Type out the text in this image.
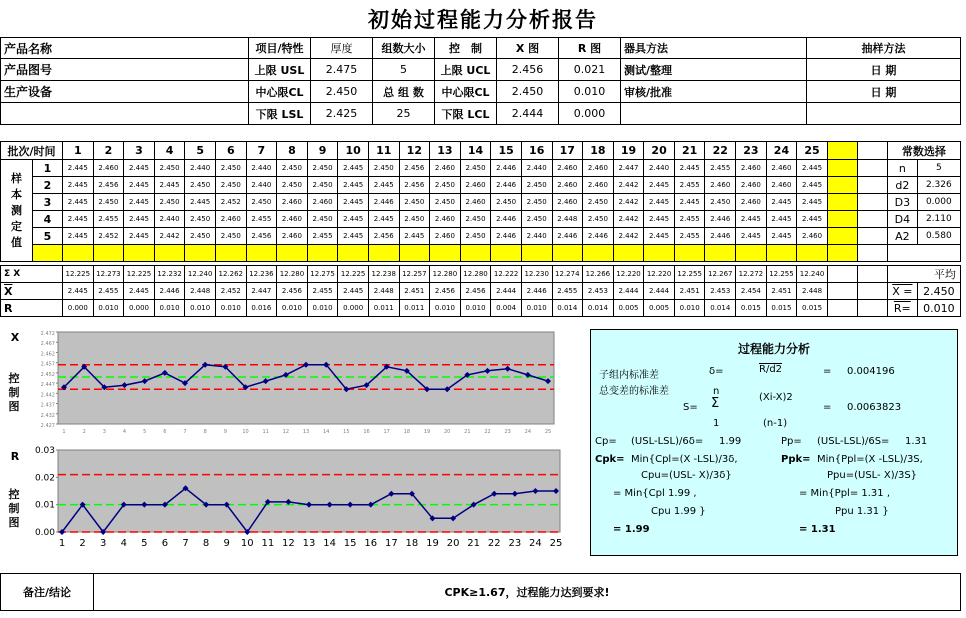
初始过程能力分析报告
产品名称	项目/特性	厚度	组数大小	控　制	X 图	R 图	器具方法	抽样方法
产品图号	上限 USL	2.475	5	上限 UCL	2.456	0.021	测试/整理	日 期
生产设备	中心限CL	2.450	总 组 数	中心限CL	2.450	0.010	审核/批准	日 期
	下限 LSL	2.425	25	下限 LCL	2.444	0.000		
批次/时间		1	2	3	4	5	6	7	8	9	10	11	12	13	14	15	16	17	18	19	20	21	22	23	24	25			常数选择	
样
本
测
定
值	1	2.445	2.460	2.445	2.450	2.440	2.450	2.440	2.450	2.450	2.445	2.450	2.456	2.460	2.450	2.446	2.440	2.460	2.460	2.447	2.440	2.445	2.455	2.460	2.460	2.445			n	5
	2	2.445	2.456	2.445	2.445	2.450	2.450	2.440	2.450	2.450	2.445	2.445	2.456	2.450	2.460	2.446	2.450	2.460	2.460	2.442	2.445	2.455	2.460	2.460	2.460	2.445			d2	2.326
	3	2.445	2.450	2.445	2.450	2.445	2.452	2.450	2.460	2.460	2.445	2.446	2.450	2.450	2.460	2.450	2.450	2.460	2.450	2.442	2.445	2.445	2.450	2.460	2.445	2.445			D3	0.000
	4	2.445	2.455	2.445	2.440	2.450	2.460	2.455	2.460	2.450	2.445	2.445	2.450	2.460	2.450	2.446	2.450	2.448	2.450	2.442	2.445	2.455	2.446	2.445	2.445	2.445			D4	2.110
	5	2.445	2.452	2.445	2.442	2.450	2.450	2.456	2.460	2.455	2.445	2.456	2.445	2.460	2.450	2.446	2.440	2.446	2.446	2.442	2.445	2.455	2.446	2.445	2.445	2.460			A2	0.580

Σ X		12.225	12.273	12.225	12.232	12.240	12.262	12.236	12.280	12.275	12.225	12.238	12.257	12.280	12.280	12.222	12.230	12.274	12.266	12.220	12.220	12.255	12.267	12.272	12.255	12.240			平均	
$\overline{X}$		2.445	2.455	2.445	2.446	2.448	2.452	2.447	2.456	2.455	2.445	2.448	2.451	2.456	2.456	2.444	2.446	2.455	2.453	2.444	2.444	2.451	2.453	2.454	2.451	2.448			X =	2.450
R		0.000	0.010	0.000	0.010	0.010	0.010	0.016	0.010	0.010	0.000	0.011	0.011	0.010	0.010	0.004	0.010	0.014	0.014	0.005	0.005	0.010	0.014	0.015	0.015	0.015			R=	0.010
X
控
制
图

2.472
2.467
2.462
2.457
2.452
2.447
2.442
2.437
2.432
2.427
1	2	3	4	5	6	7	8	9	10	11	12	13	14	15	16	17	18	19	20	21	22	23	24	25
R
控
制
图

0.03
0.02
0.01
0.00
1 2 3 4 5 6 7 8 9 10 11 12 13 14 15 16 17 18 19 20 21 22 23 24 25
过程能力分析
子组内标准差	δ=	R/d2	= 0.004196
总变差的标准差	n
S= Σ	(Xi-X)2
1	(n-1)
= 0.0063823
Cp= (USL-LSL)/6δ= 1.99	Pp= (USL-LSL)/6S= 1.31
Cpk= Min{Cpl=(X -LSL)/3δ,
Cpu=(USL- X)/3δ}
Ppk= Min{Ppl=(X -LSL)/3S,
Ppu=(USL- X)/3S}
= Min{Cpl 1.99 ,
Cpu 1.99 }
= Min{Ppl= 1.31 ,
Ppu 1.31 }
= 1.99	= 1.31
备注/结论	CPK≥1.67，过程能力达到要求!
